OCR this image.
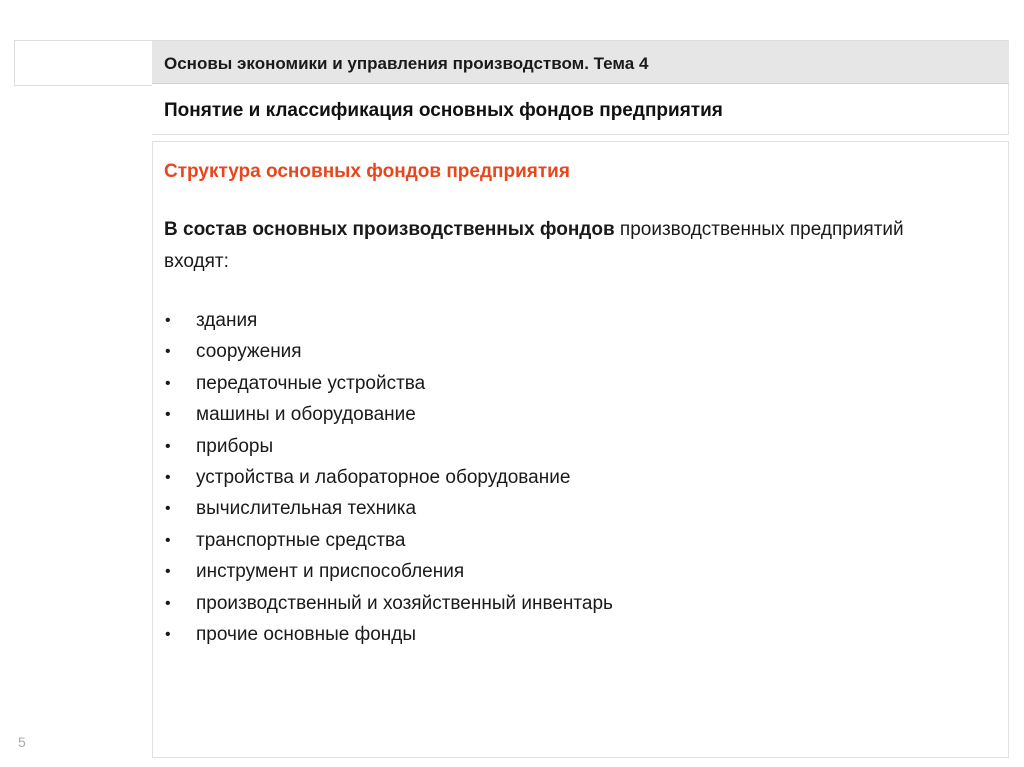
Основы экономики и управления производством. Тема 4
Понятие и классификация основных фондов предприятия
Структура основных фондов предприятия
В состав основных производственных фондов производственных предприятий входят:
• здания
• сооружения
• передаточные устройства
• машины и оборудование
• приборы
• устройства и лабораторное оборудование
• вычислительная техника
• транспортные средства
• инструмент и приспособления
• производственный и хозяйственный инвентарь
• прочие основные фонды
5
